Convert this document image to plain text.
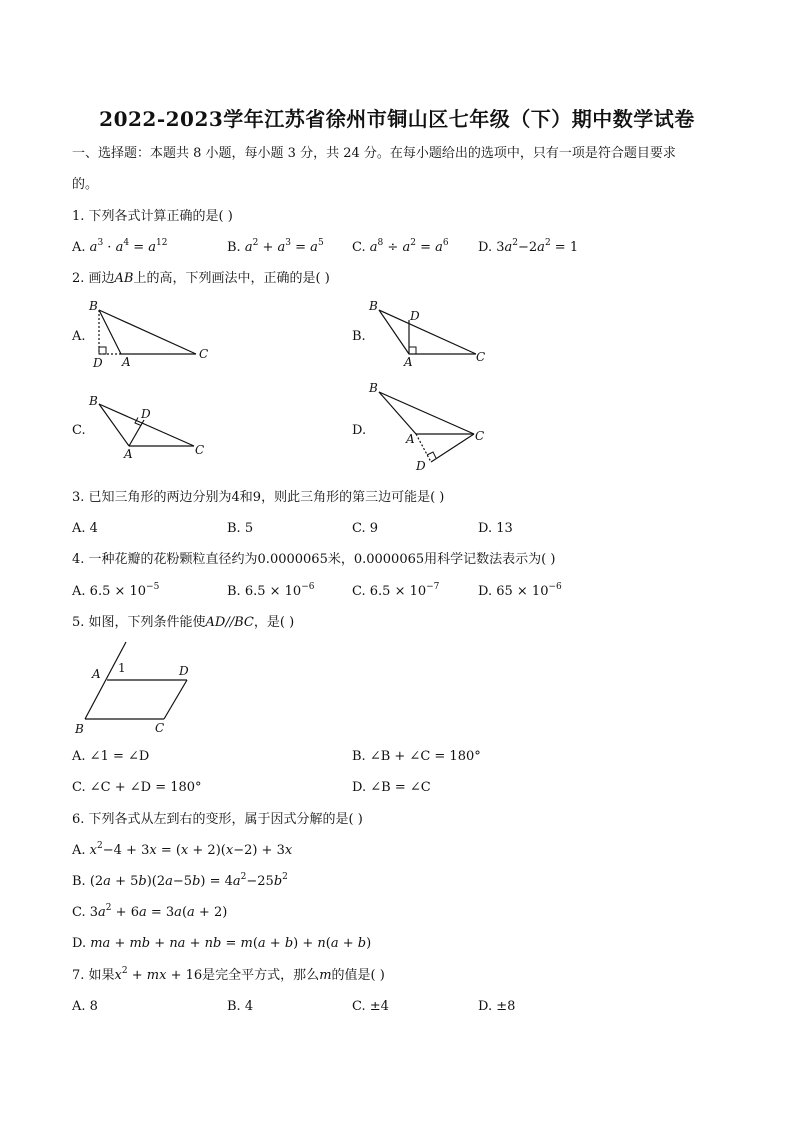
2022-2023学年江苏省徐州市铜山区七年级（下）期中数学试卷
一、选择题：本题共 8 小题，每小题 3 分，共 24 分。在每小题给出的选项中，只有一项是符合题目要求
的。
1. 下列各式计算正确的是( )
A. $a^3 \cdot a^4 = a^{12}$	B. $a^2 + a^3 = a^5$ C. $a^8 \div a^2 = a^6$ D. $3a^2-2a^2 = 1$
2. 画边AB上的高，下列画法中，正确的是( )
A.
B
D A
C
B.
B
D
A	C
C.
B
D
A	C
D.
B
A	C
D
3. 已知三角形的两边分别为4和9，则此三角形的第三边可能是( )
A. 4	B. 5	C. 9	D. 13
4. 一种花瓣的花粉颗粒直径约为0.0000065米，0.0000065用科学记数法表示为( )
A. $6.5 \times 10^{-5}$	B. $6.5 \times 10^{-6}$	C. $6.5 \times 10^{-7}$	D. $65 \times 10^{-6}$
5. 如图，下列条件能使AD//BC，是( )
A 1	D
B	C
A. ∠1 = ∠D	B. ∠B + ∠C = 180°
C. ∠C + ∠D = 180°	D. ∠B = ∠C
6. 下列各式从左到右的变形，属于因式分解的是( )
A. $x^2-4 + 3x = (x + 2)(x-2) + 3x$
B. $(2a + 5b)(2a-5b) = 4a^2-25b^2$
C. $3a^2 + 6a = 3a(a + 2)$
D. ma + mb + na + nb = m(a + b) + n(a + b)
7. 如果$x^2$ + mx + 16是完全平方式，那么m的值是( )
A. 8	B. 4	C. ±4	D. ±8
